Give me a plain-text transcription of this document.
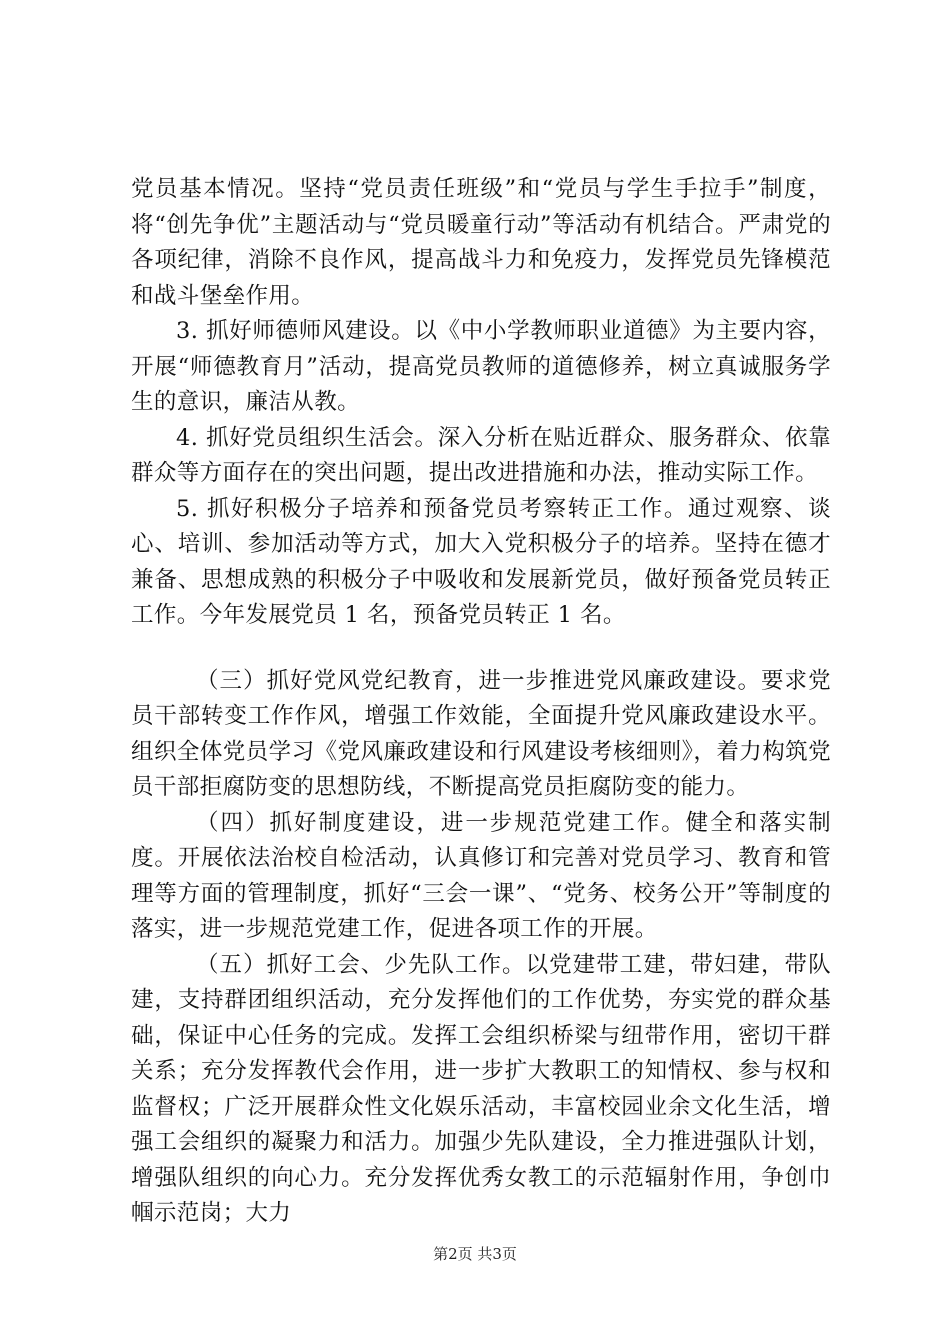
党员基本情况。坚持“党员责任班级”和“党员与学生手拉手”制度，将“创先争优”主题活动与“党员暖童行动”等活动有机结合。严肃党的各项纪律，消除不良作风，提高战斗力和免疫力，发挥党员先锋模范和战斗堡垒作用。

3. 抓好师德师风建设。以《中小学教师职业道德》为主要内容，开展“师德教育月”活动，提高党员教师的道德修养，树立真诚服务学生的意识，廉洁从教。

4. 抓好党员组织生活会。深入分析在贴近群众、服务群众、依靠群众等方面存在的突出问题，提出改进措施和办法，推动实际工作。

5. 抓好积极分子培养和预备党员考察转正工作。通过观察、谈心、培训、参加活动等方式，加大入党积极分子的培养。坚持在德才兼备、思想成熟的积极分子中吸收和发展新党员，做好预备党员转正工作。今年发展党员 1 名，预备党员转正 1 名。

（三）抓好党风党纪教育，进一步推进党风廉政建设。要求党员干部转变工作作风，增强工作效能，全面提升党风廉政建设水平。组织全体党员学习《党风廉政建设和行风建设考核细则》，着力构筑党员干部拒腐防变的思想防线，不断提高党员拒腐防变的能力。

（四）抓好制度建设，进一步规范党建工作。健全和落实制度。开展依法治校自检活动，认真修订和完善对党员学习、教育和管理等方面的管理制度，抓好“三会一课”、“党务、校务公开”等制度的落实，进一步规范党建工作，促进各项工作的开展。

（五）抓好工会、少先队工作。以党建带工建，带妇建，带队建，支持群团组织活动，充分发挥他们的工作优势，夯实党的群众基础，保证中心任务的完成。发挥工会组织桥梁与纽带作用，密切干群关系；充分发挥教代会作用，进一步扩大教职工的知情权、参与权和监督权；广泛开展群众性文化娱乐活动，丰富校园业余文化生活，增强工会组织的凝聚力和活力。加强少先队建设，全力推进强队计划，增强队组织的向心力。充分发挥优秀女教工的示范辐射作用，争创巾帼示范岗；大力

第2页 共3页
